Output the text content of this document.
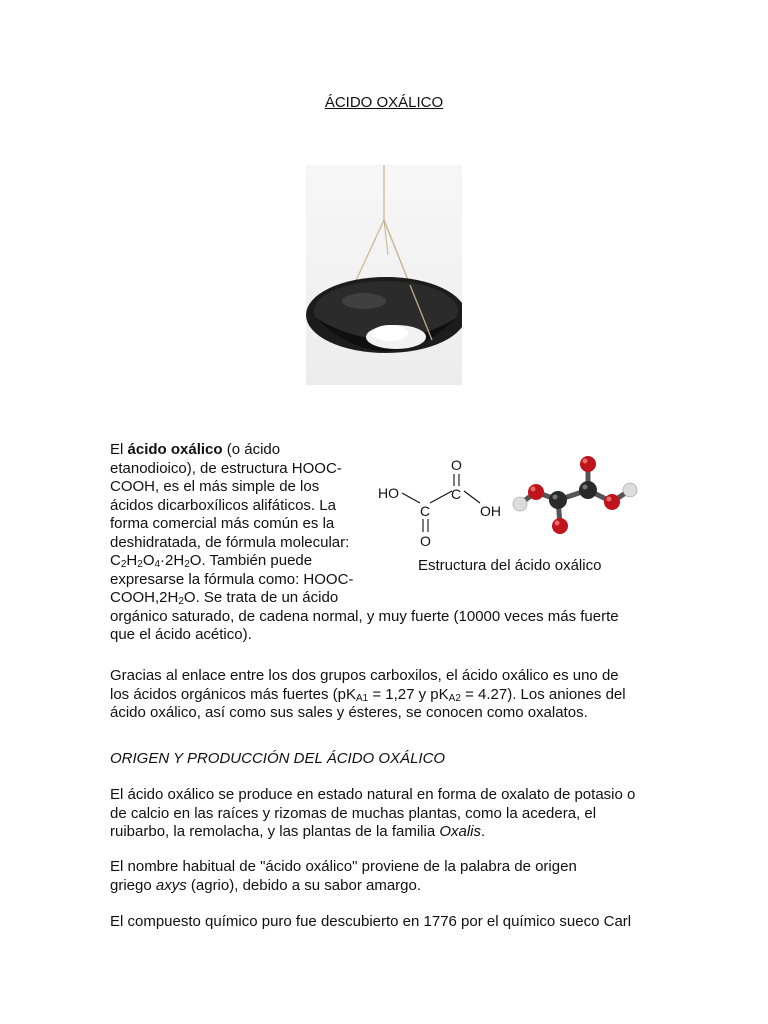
ÁCIDO OXÁLICO
El ácido oxálico (o ácido
etanodioico), de estructura HOOC-
COOH, es el más simple de los
ácidos dicarboxílicos alifáticos. La
forma comercial más común es la
deshidratada, de fórmula molecular:
$C_2H_2O_4\cdot 2H_2O$. También puede
expresarse la fórmula como: HOOC-
$COOH,2H_2O$. Se trata de un ácido
orgánico saturado, de cadena normal, y muy fuerte (10000 veces más fuerte
que el ácido acético).
HO
C
C
O
O
OH
Estructura del ácido oxálico
Gracias al enlace entre los dos grupos carboxilos, el ácido oxálico es uno de
los ácidos orgánicos más fuertes ($pK_{A1} = 1,27$ y $pK_{A2} = 4.27$). Los aniones del
ácido oxálico, así como sus sales y ésteres, se conocen como oxalatos.
ORIGEN Y PRODUCCIÓN DEL ÁCIDO OXÁLICO
El ácido oxálico se produce en estado natural en forma de oxalato de potasio o
de calcio en las raíces y rizomas de muchas plantas, como la acedera, el
ruibarbo, la remolacha, y las plantas de la familia Oxalis.
El nombre habitual de "ácido oxálico" proviene de la palabra de origen
griego axys (agrio), debido a su sabor amargo.
El compuesto químico puro fue descubierto en 1776 por el químico sueco Carl
